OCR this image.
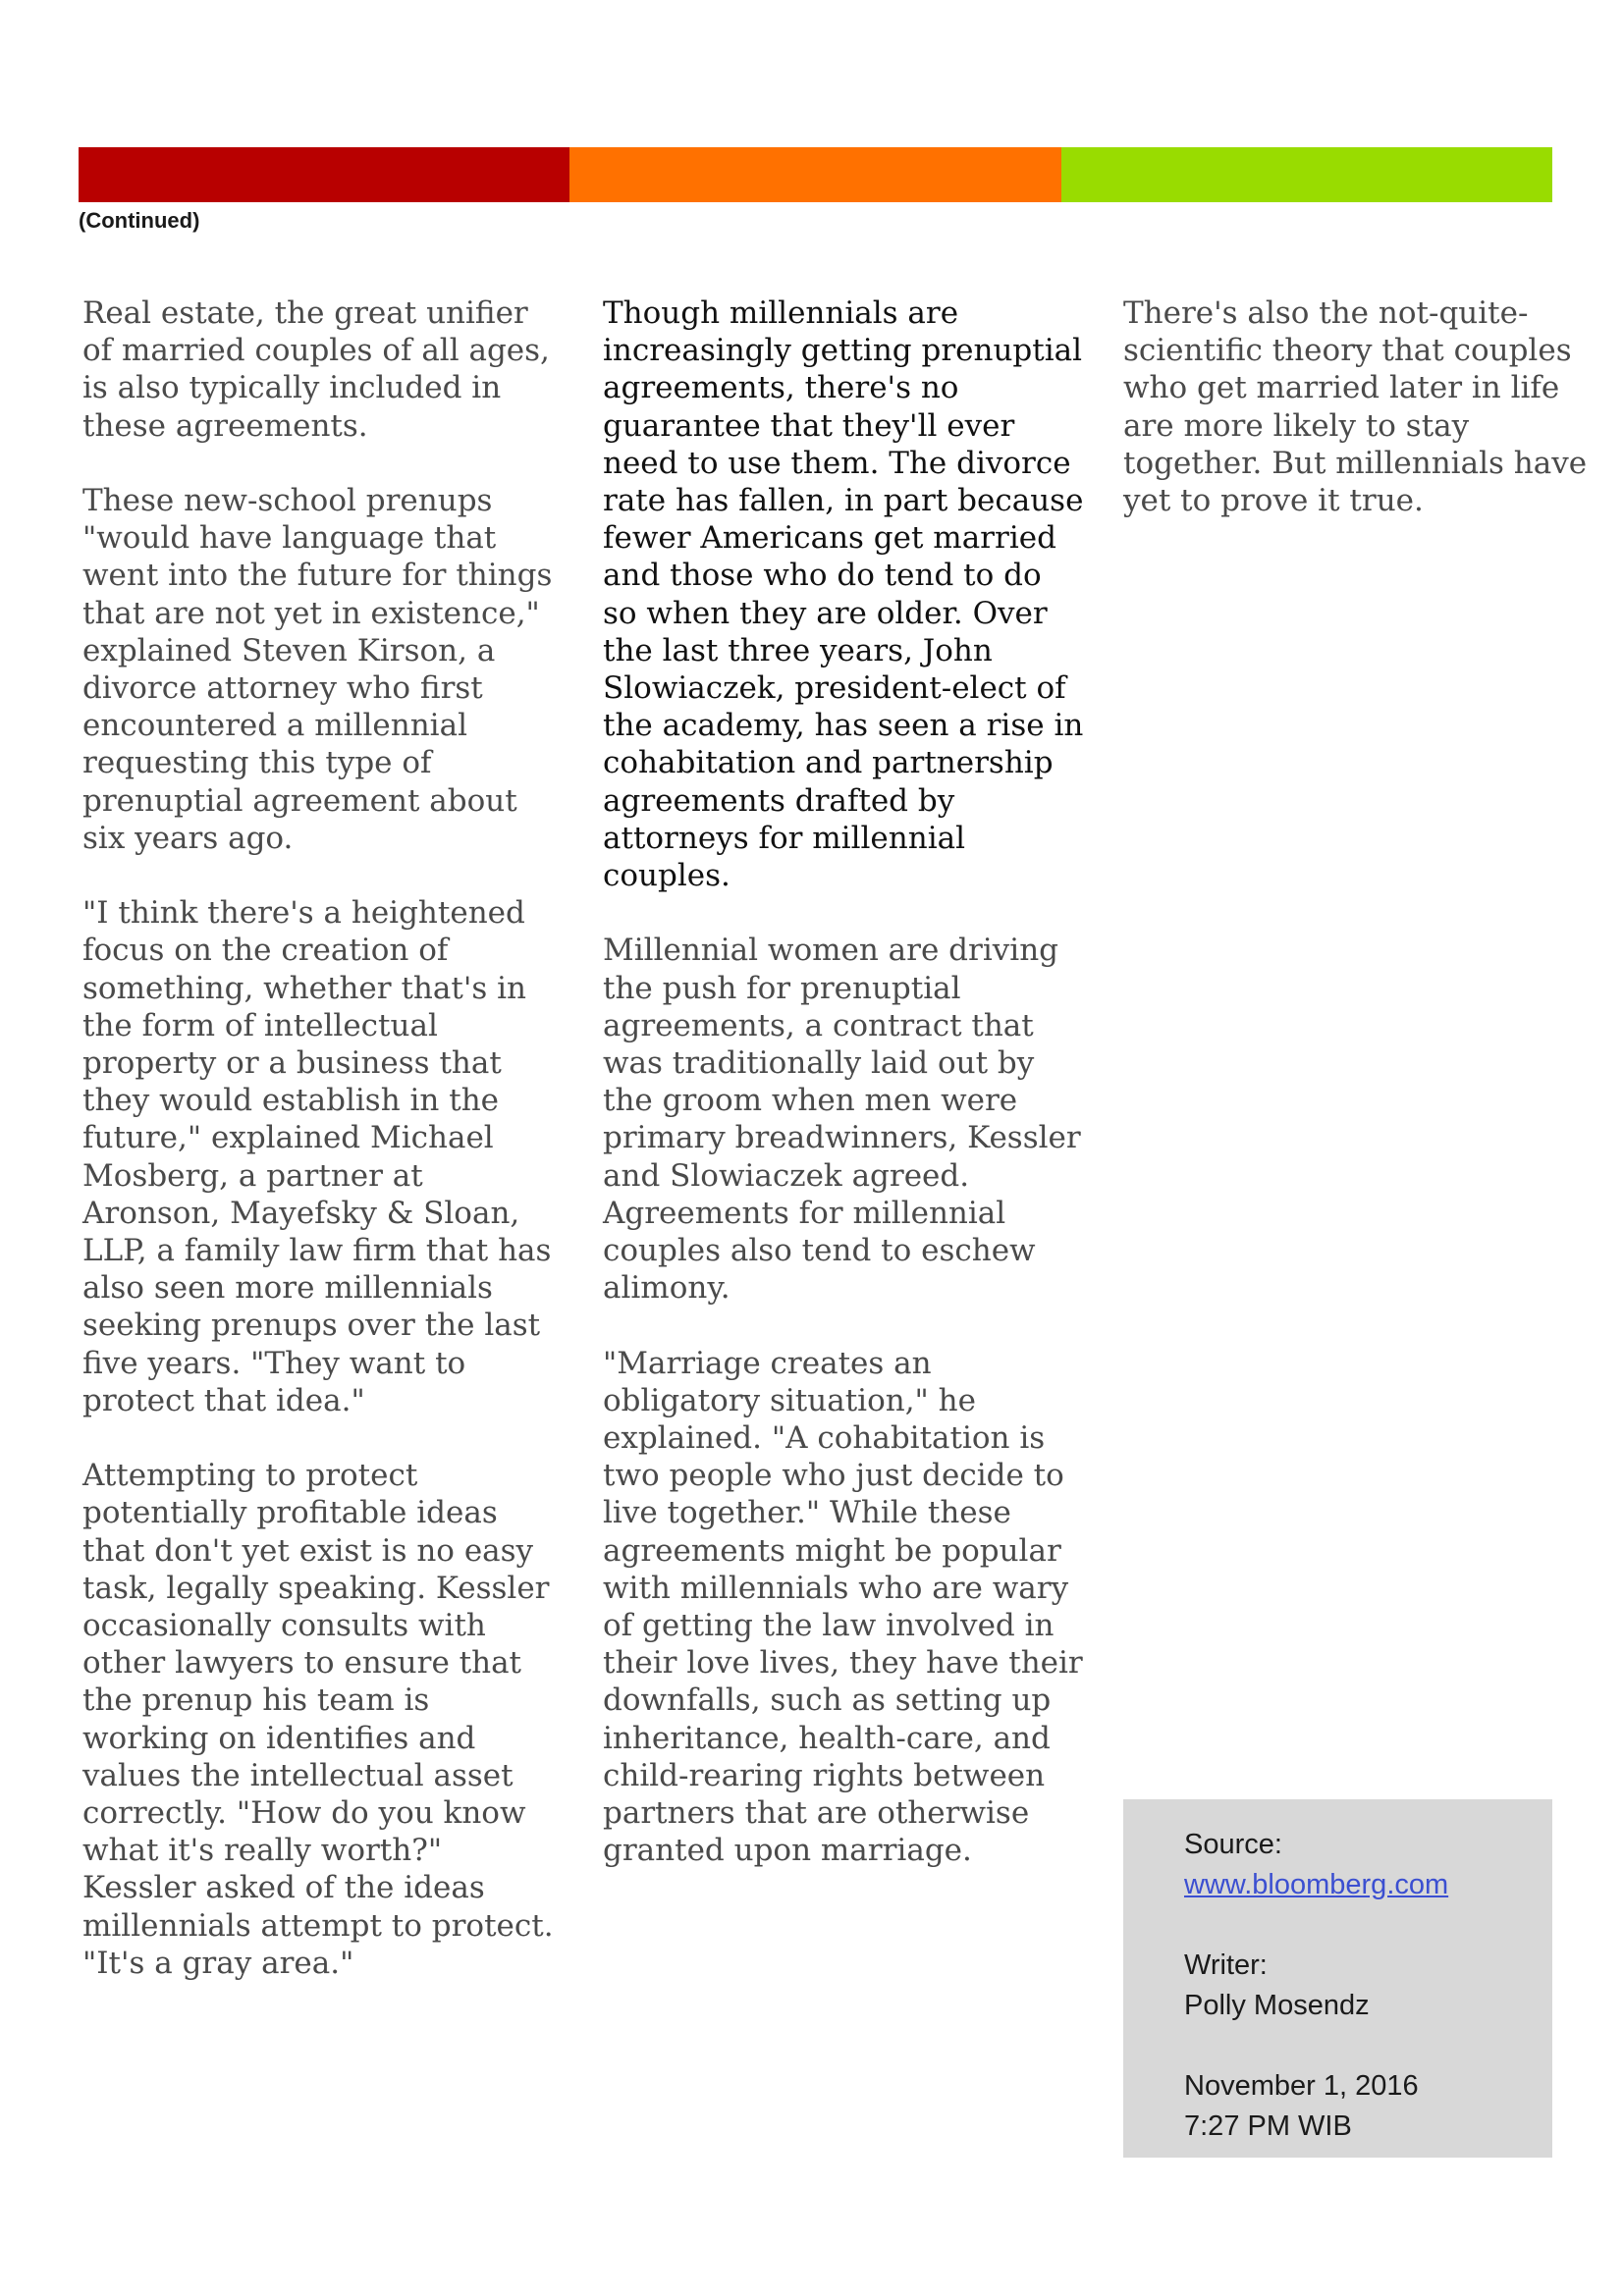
(Continued)

Real estate, the great unifier of married couples of all ages, is also typically included in these agreements.

These new-school prenups "would have language that went into the future for things that are not yet in existence," explained Steven Kirson, a divorce attorney who first encountered a millennial requesting this type of prenuptial agreement about six years ago.

"I think there's a heightened focus on the creation of something, whether that's in the form of intellectual property or a business that they would establish in the future," explained Michael Mosberg, a partner at Aronson, Mayefsky & Sloan, LLP, a family law firm that has also seen more millennials seeking prenups over the last five years. "They want to protect that idea."

Attempting to protect potentially profitable ideas that don't yet exist is no easy task, legally speaking. Kessler occasionally consults with other lawyers to ensure that the prenup his team is working on identifies and values the intellectual asset correctly. "How do you know what it's really worth?" Kessler asked of the ideas millennials attempt to protect. "It's a gray area."

Though millennials are increasingly getting prenuptial agreements, there's no guarantee that they'll ever need to use them. The divorce rate has fallen, in part because fewer Americans get married and those who do tend to do so when they are older. Over the last three years, John Slowiaczek, president-elect of the academy, has seen a rise in cohabitation and partnership agreements drafted by attorneys for millennial couples.

Millennial women are driving the push for prenuptial agreements, a contract that was traditionally laid out by the groom when men were primary breadwinners, Kessler and Slowiaczek agreed. Agreements for millennial couples also tend to eschew alimony.

"Marriage creates an obligatory situation," he explained. "A cohabitation is two people who just decide to live together." While these agreements might be popular with millennials who are wary of getting the law involved in their love lives, they have their downfalls, such as setting up inheritance, health-care, and child-rearing rights between partners that are otherwise granted upon marriage.

There's also the not-quite-scientific theory that couples who get married later in life are more likely to stay together. But millennials have yet to prove it true.

Source:
www.bloomberg.com
Writer:
Polly Mosendz
November 1, 2016
7:27 PM WIB
